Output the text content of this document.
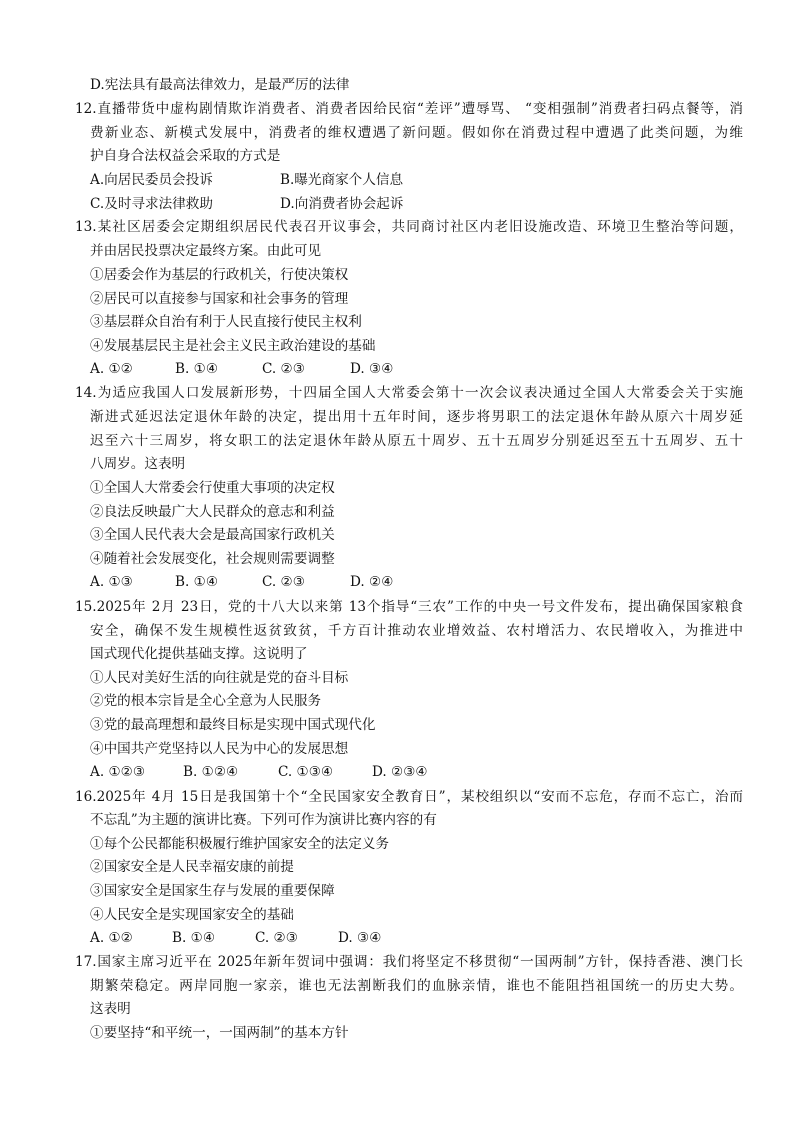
D.宪法具有最高法律效力，是最严厉的法律
12.直播带货中虚构剧情欺诈消费者、消费者因给民宿“差评”遭辱骂、 “变相强制”消费者扫码点餐等，消
费新业态、新模式发展中，消费者的维权遭遇了新问题。假如你在消费过程中遭遇了此类问题，为维
护自身合法权益会采取的方式是
A.向居民委员会投诉	B.曝光商家个人信息
C.及时寻求法律救助	D.向消费者协会起诉
13.某社区居委会定期组织居民代表召开议事会，共同商讨社区内老旧设施改造、环境卫生整治等问题，
并由居民投票决定最终方案。由此可见
①居委会作为基层的行政机关，行使决策权
②居民可以直接参与国家和社会事务的管理
③基层群众自治有利于人民直接行使民主权利
④发展基层民主是社会主义民主政治建设的基础
A. ①②	B. ①④	C. ②③	D. ③④
14.为适应我国人口发展新形势，十四届全国人大常委会第十一次会议表决通过全国人大常委会关于实施
渐进式延迟法定退休年龄的决定，提出用十五年时间，逐步将男职工的法定退休年龄从原六十周岁延
迟至六十三周岁，将女职工的法定退休年龄从原五十周岁、五十五周岁分别延迟至五十五周岁、五十
八周岁。这表明
①全国人大常委会行使重大事项的决定权
②良法反映最广大人民群众的意志和利益
③全国人民代表大会是最高国家行政机关
④随着社会发展变化，社会规则需要调整
A. ①③	B. ①④	C. ②③	D. ②④
15.2025年 2月 23日，党的十八大以来第 13个指导“三农”工作的中央一号文件发布，提出确保国家粮食
安全，确保不发生规模性返贫致贫，千方百计推动农业增效益、农村增活力、农民增收入，为推进中
国式现代化提供基础支撑。这说明了
①人民对美好生活的向往就是党的奋斗目标
②党的根本宗旨是全心全意为人民服务
③党的最高理想和最终目标是实现中国式现代化
④中国共产党坚持以人民为中心的发展思想
A. ①②③	B. ①②④	C. ①③④	D. ②③④
16.2025年 4月 15日是我国第十个“全民国家安全教育日”，某校组织以“安而不忘危，存而不忘亡，治而
不忘乱”为主题的演讲比赛。下列可作为演讲比赛内容的有
①每个公民都能积极履行维护国家安全的法定义务
②国家安全是人民幸福安康的前提
③国家安全是国家生存与发展的重要保障
④人民安全是实现国家安全的基础
A. ①②	B. ①④	C. ②③	D. ③④
17.国家主席习近平在 2025年新年贺词中强调：我们将坚定不移贯彻“一国两制”方针，保持香港、澳门长
期繁荣稳定。两岸同胞一家亲，谁也无法割断我们的血脉亲情，谁也不能阻挡祖国统一的历史大势。
这表明
①要坚持“和平统一，一国两制”的基本方针
